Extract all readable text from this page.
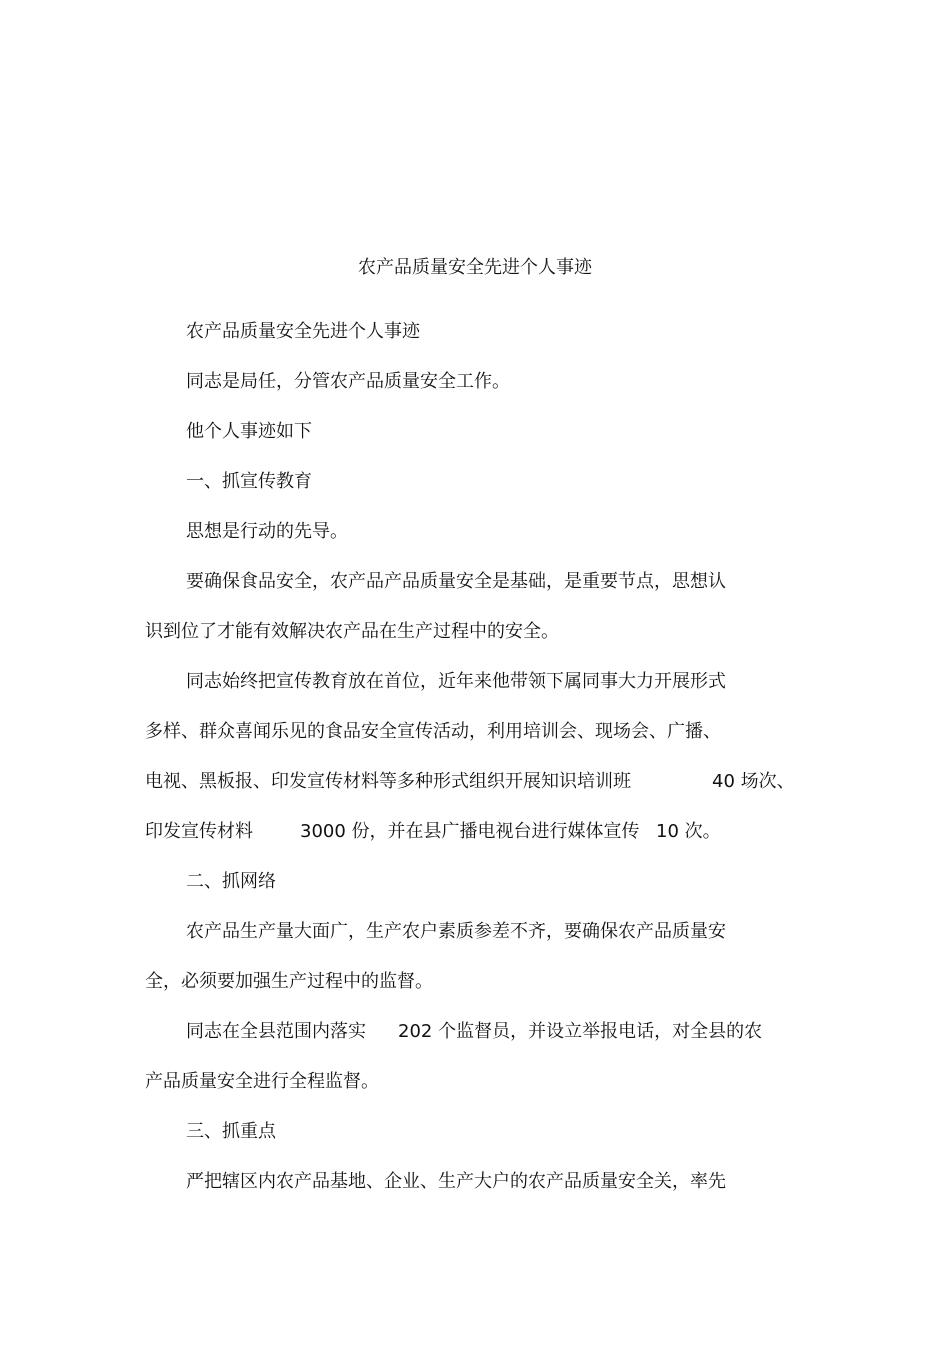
农产品质量安全先进个人事迹
农产品质量安全先进个人事迹
同志是局任，分管农产品质量安全工作。
他个人事迹如下
一、抓宣传教育
思想是行动的先导。
要确保食品安全，农产品产品质量安全是基础，是重要节点，思想认
识到位了才能有效解决农产品在生产过程中的安全。
同志始终把宣传教育放在首位，近年来他带领下属同事大力开展形式
多样、群众喜闻乐见的食品安全宣传活动，利用培训会、现场会、广播、
电视、黑板报、印发宣传材料等多种形式组织开展知识培训班	40 场次、
印发宣传材料	3000 份，并在县广播电视台进行媒体宣传 10 次。
二、抓网络
农产品生产量大面广，生产农户素质参差不齐，要确保农产品质量安
全，必须要加强生产过程中的监督。
同志在全县范围内落实 202 个监督员，并设立举报电话，对全县的农
产品质量安全进行全程监督。
三、抓重点
严把辖区内农产品基地、企业、生产大户的农产品质量安全关，率先
